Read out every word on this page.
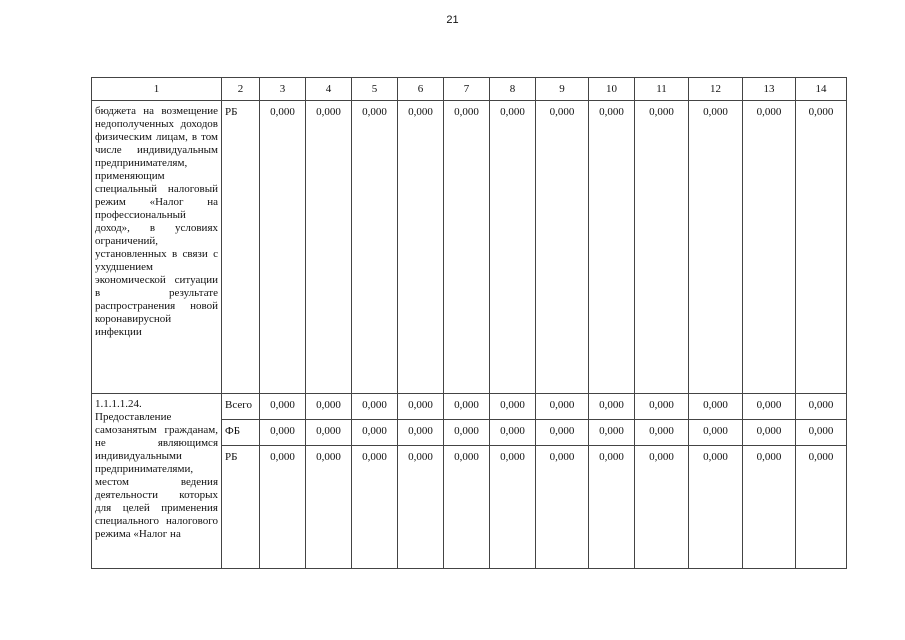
21
1	2	3	4	5	6	7	8	9	10	11	12	13	14
бюджета на возмещение недополученных доходов физическим лицам, в том числе индивидуальным предпринимателям, применяющим специальный налоговый режим «Налог на профессиональный доход», в условиях ограничений, установленных в связи с ухудшением экономической ситуации в результате распространения новой коронавирусной инфекции	РБ	0,000	0,000	0,000	0,000	0,000	0,000	0,000	0,000	0,000	0,000	0,000	0,000
1.1.1.1.24. Предоставление самозанятым гражданам, не являющимся индивидуальными предпринимателями, местом ведения деятельности которых для целей применения специального налогового режима «Налог на	Всего	0,000	0,000	0,000	0,000	0,000	0,000	0,000	0,000	0,000	0,000	0,000	0,000
	ФБ	0,000	0,000	0,000	0,000	0,000	0,000	0,000	0,000	0,000	0,000	0,000	0,000
	РБ	0,000	0,000	0,000	0,000	0,000	0,000	0,000	0,000	0,000	0,000	0,000	0,000
